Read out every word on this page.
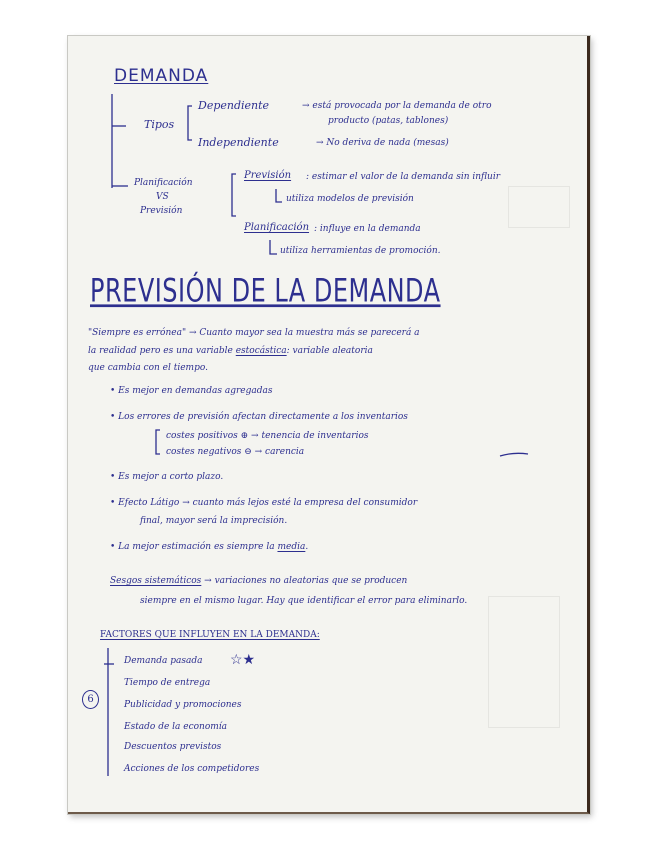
DEMANDA
Tipos
Dependiente	→ está provocada por la demanda de otro
producto (patas, tablones)
Independiente	→ No deriva de nada (mesas)
Planificación
VS
Previsión
Previsión : estimar el valor de la demanda sin influir
utiliza modelos de previsión
Planificación : influye en la demanda
utiliza herramientas de promoción.
PREVISIÓN DE LA DEMANDA
"Siempre es errónea" → Cuanto mayor sea la muestra más se parecerá a
la realidad pero es una variable estocástica: variable aleatoria
que cambia con el tiempo.
• Es mejor en demandas agregadas
• Los errores de previsión afectan directamente a los inventarios
costes positivos ⊕ → tenencia de inventarios
costes negativos ⊖ → carencia
• Es mejor a corto plazo.
• Efecto Látigo → cuanto más lejos esté la empresa del consumidor
final, mayor será la imprecisión.
• La mejor estimación es siempre la media.
Sesgos sistemáticos → variaciones no aleatorias que se producen
siempre en el mismo lugar. Hay que identificar el error para eliminarlo.
FACTORES QUE INFLUYEN EN LA DEMANDA:
Demanda pasada ☆★
Tiempo de entrega
Publicidad y promociones
Estado de la economía
Descuentos previstos
Acciones de los competidores
6
